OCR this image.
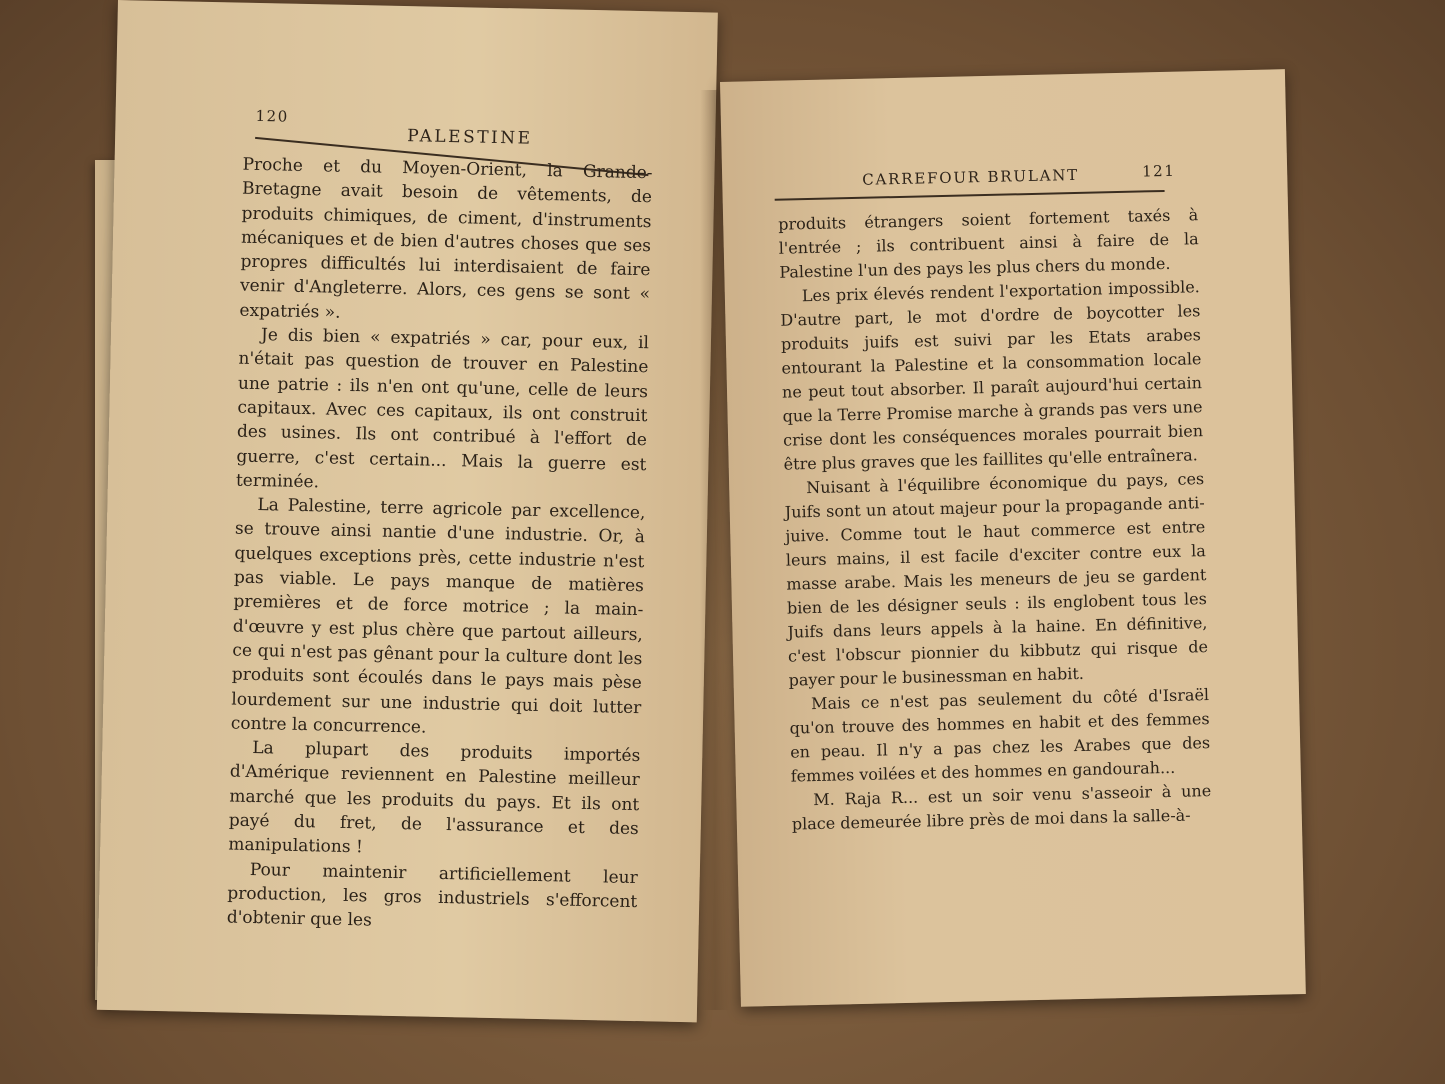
120
PALESTINE

Proche et du Moyen-Orient, la Grande-Bretagne avait besoin de vêtements, de produits chimiques, de ciment, d'instruments mécaniques et de bien d'autres choses que ses propres difficultés lui interdisaient de faire venir d'Angleterre. Alors, ces gens se sont « expatriés ».

Je dis bien « expatriés » car, pour eux, il n'était pas question de trouver en Palestine une patrie : ils n'en ont qu'une, celle de leurs capitaux. Avec ces capitaux, ils ont construit des usines. Ils ont contribué à l'effort de guerre, c'est certain... Mais la guerre est terminée.

La Palestine, terre agricole par excellence, se trouve ainsi nantie d'une industrie. Or, à quelques exceptions près, cette industrie n'est pas viable. Le pays manque de matières premières et de force motrice ; la main-d'œuvre y est plus chère que partout ailleurs, ce qui n'est pas gênant pour la culture dont les produits sont écoulés dans le pays mais pèse lourdement sur une industrie qui doit lutter contre la concurrence.

La plupart des produits importés d'Amérique reviennent en Palestine meilleur marché que les produits du pays. Et ils ont payé du fret, de l'assurance et des manipulations !

Pour maintenir artificiellement leur production, les gros industriels s'efforcent d'obtenir que les

CARREFOUR BRULANT	121

produits étrangers soient fortement taxés à l'entrée ; ils contribuent ainsi à faire de la Palestine l'un des pays les plus chers du monde.

Les prix élevés rendent l'exportation impossible. D'autre part, le mot d'ordre de boycotter les produits juifs est suivi par les Etats arabes entourant la Palestine et la consommation locale ne peut tout absorber. Il paraît aujourd'hui certain que la Terre Promise marche à grands pas vers une crise dont les conséquences morales pourrait bien être plus graves que les faillites qu'elle entraînera.

Nuisant à l'équilibre économique du pays, ces Juifs sont un atout majeur pour la propagande anti-juive. Comme tout le haut commerce est entre leurs mains, il est facile d'exciter contre eux la masse arabe. Mais les meneurs de jeu se gardent bien de les désigner seuls : ils englobent tous les Juifs dans leurs appels à la haine. En définitive, c'est l'obscur pionnier du kibbutz qui risque de payer pour le businessman en habit.

Mais ce n'est pas seulement du côté d'Israël qu'on trouve des hommes en habit et des femmes en peau. Il n'y a pas chez les Arabes que des femmes voilées et des hommes en gandourah...

M. Raja R... est un soir venu s'asseoir à une place demeurée libre près de moi dans la salle-à-
